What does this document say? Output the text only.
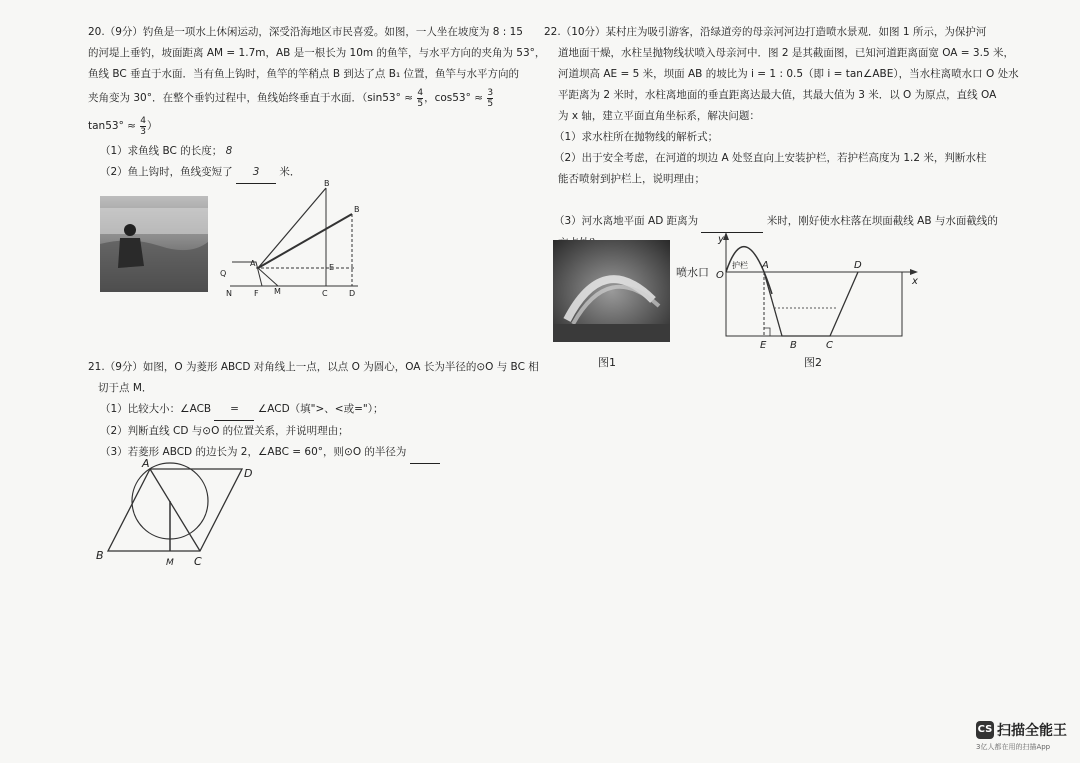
20.（9分）钓鱼是一项水上休闲运动，深受沿海地区市民喜爱。如图，一人坐在坡度为 8 : 15

的河堤上垂钓，坡面距离 AM = 1.7m，AB 是一根长为 10m 的鱼竿，与水平方向的夹角为 53°，

鱼线 BC 垂直于水面．当有鱼上钩时，鱼竿的竿稍点 B 到达了点 B₁ 位置，鱼竿与水平方向的

夹角变为 30°．在整个垂钓过程中，鱼线始终垂直于水面．（$\sin 53^\circ \approx \frac{4}{5}$ ，$\cos 53^\circ \approx \frac{3}{5}$

$\tan 53^\circ \approx \frac{4}{3}$ ）

（1）求鱼线 BC 的长度； 8

（2）鱼上钩时，鱼线变短了 3 米．

B
B
A	E
N	F M	C	D
Q

21.（9分）如图，O 为菱形 ABCD 对角线上一点，以点 O 为圆心，OA 长为半径的⊙O 与 BC 相

切于点 M．

（1）比较大小：∠ACB = ∠ACD（填">、<或="）；

（2）判断直线 CD 与⊙O 的位置关系，并说明理由；

（3）若菱形 ABCD 的边长为 2，∠ABC = 60°，则⊙O 的半径为

A
D
B	C
M

22.（10分）某村庄为吸引游客，沿绿道旁的母亲河河边打造喷水景观．如图 1 所示，为保护河

道地面干燥，水柱呈抛物线状喷入母亲河中．图 2 是其截面图，已知河道距离面宽 OA = 3.5 米，

河道坝高 AE = 5 米，坝面 AB 的坡比为 i = 1 : 0.5（即 i = tan∠ABE），当水柱离喷水口 O 处水

平距离为 2 米时，水柱离地面的垂直距离达最大值，其最大值为 3 米．以 O 为原点，直线 OA

为 x 轴，建立平面直角坐标系，解决问题：

（1）求水柱所在抛物线的解析式；

（2）出于安全考虑，在河道的坝边 A 处竖直向上安装护栏，若护栏高度为 1.2 米，判断水柱

能否喷射到护栏上，说明理由；

（3）河水离地平面 AD 距离为	米时，刚好使水柱落在坝面截线 AB 与水面截线的

图1
喷水口
y
x
O
A	D
E B	C
护栏
图2
CS 扫描全能王
3亿人都在用的扫描App
